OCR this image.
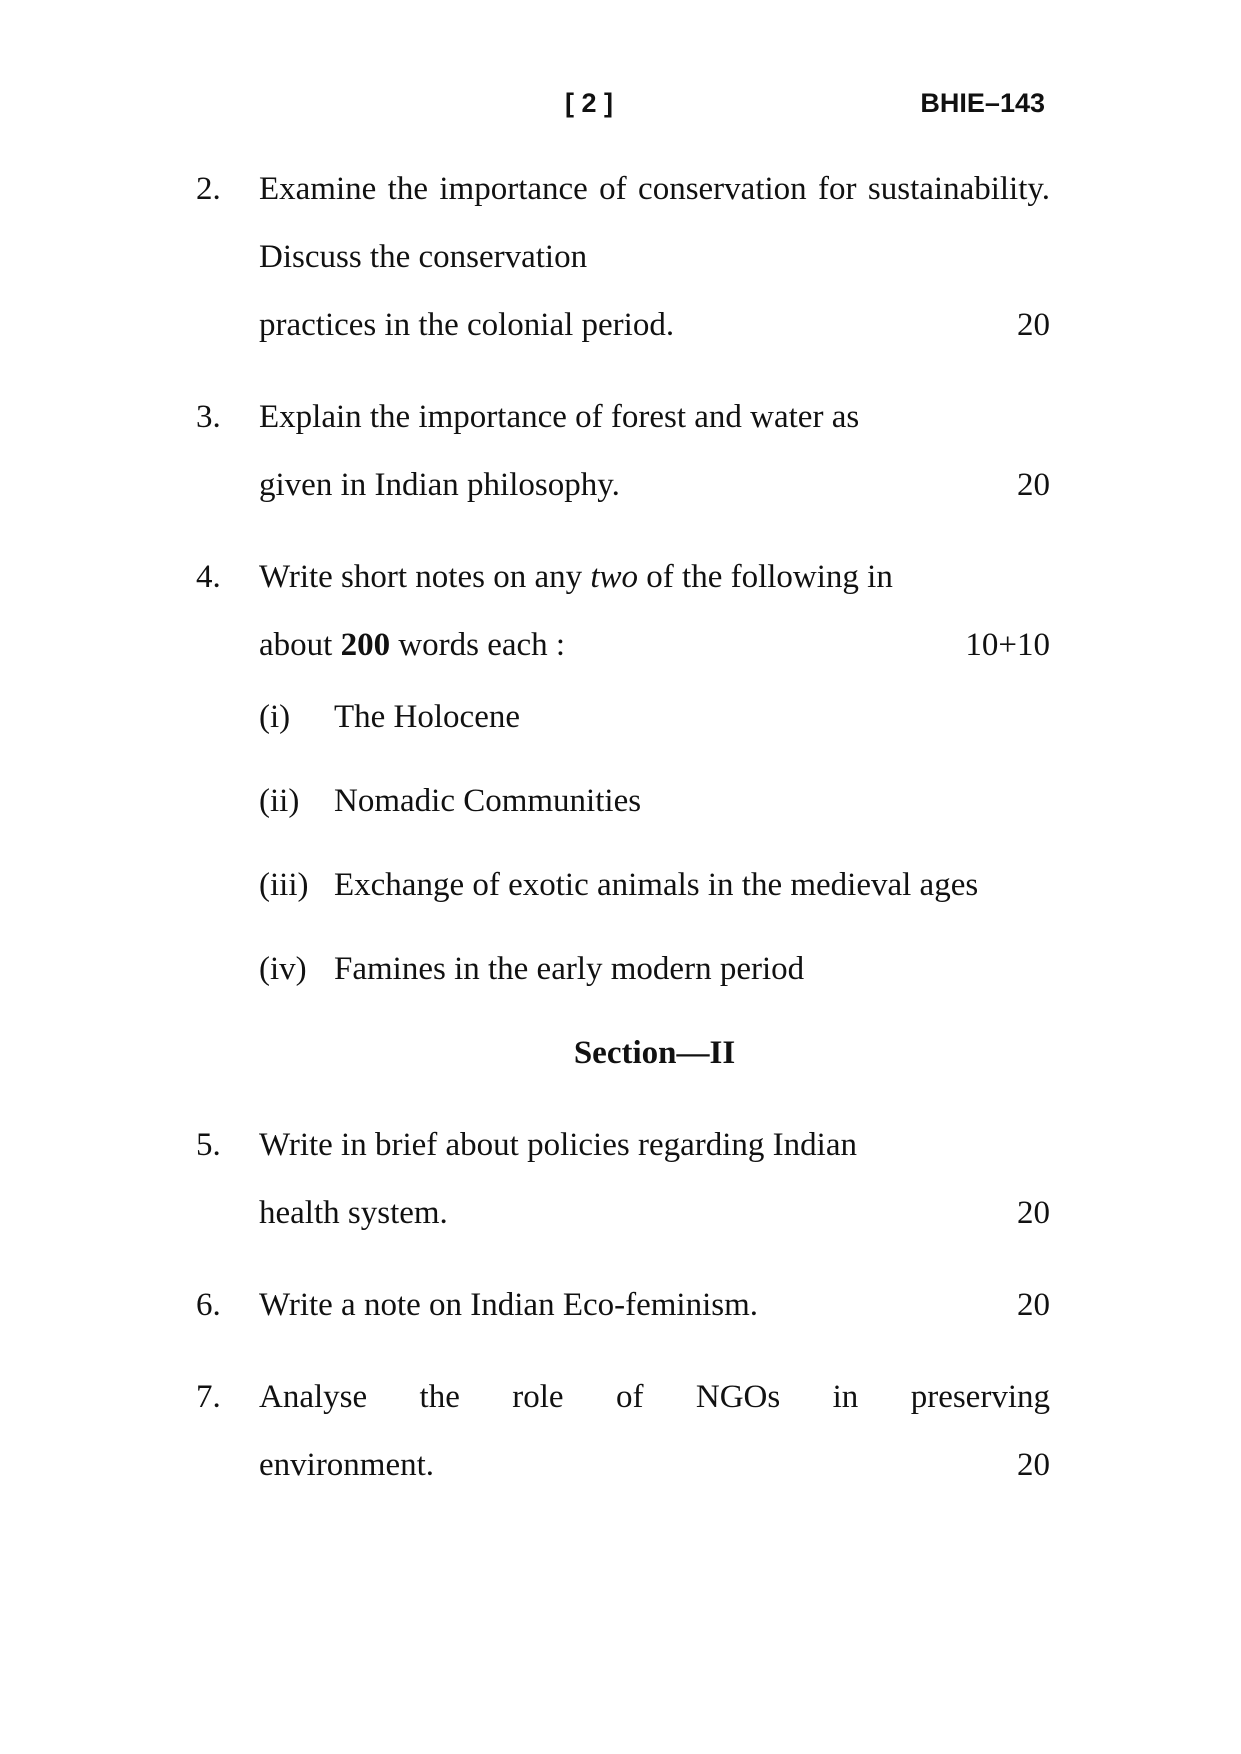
[ 2 ]	BHIE–143
2. Examine the importance of conservation for sustainability. Discuss the conservation
practices in the colonial period.	20
3. Explain the importance of forest and water as
given in Indian philosophy.	20
4. Write short notes on any two of the following in
about 200 words each :	10+10
(i) The Holocene
(ii) Nomadic Communities
(iii) Exchange of exotic animals in the medieval ages
(iv) Famines in the early modern period
Section—II
5. Write in brief about policies regarding Indian
health system.	20
6. Write a note on Indian Eco-feminism.	20
7. Analyse the role of NGOs in preserving
environment.	20
